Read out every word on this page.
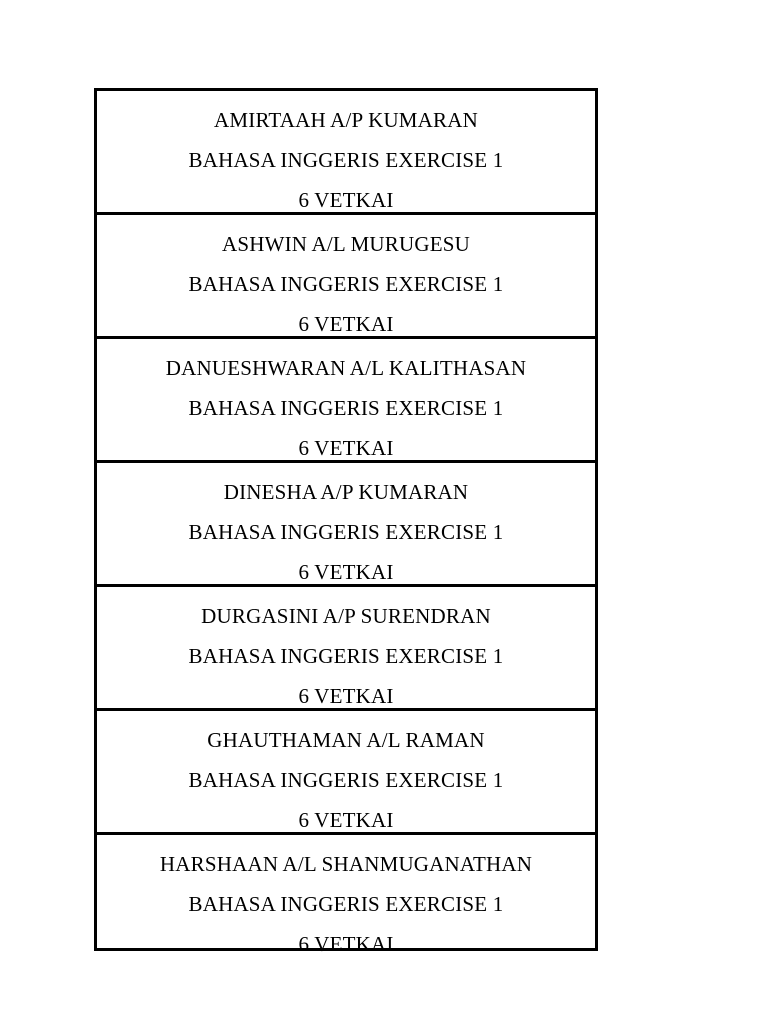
AMIRTAAH A/P KUMARAN
BAHASA INGGERIS EXERCISE 1
6 VETKAI
ASHWIN A/L MURUGESU
BAHASA INGGERIS EXERCISE 1
6 VETKAI
DANUESHWARAN A/L KALITHASAN
BAHASA INGGERIS EXERCISE 1
6 VETKAI
DINESHA A/P KUMARAN
BAHASA INGGERIS EXERCISE 1
6 VETKAI
DURGASINI A/P SURENDRAN
BAHASA INGGERIS EXERCISE 1
6 VETKAI
GHAUTHAMAN A/L RAMAN
BAHASA INGGERIS EXERCISE 1
6 VETKAI
HARSHAAN A/L SHANMUGANATHAN
BAHASA INGGERIS EXERCISE 1
6 VETKAI
